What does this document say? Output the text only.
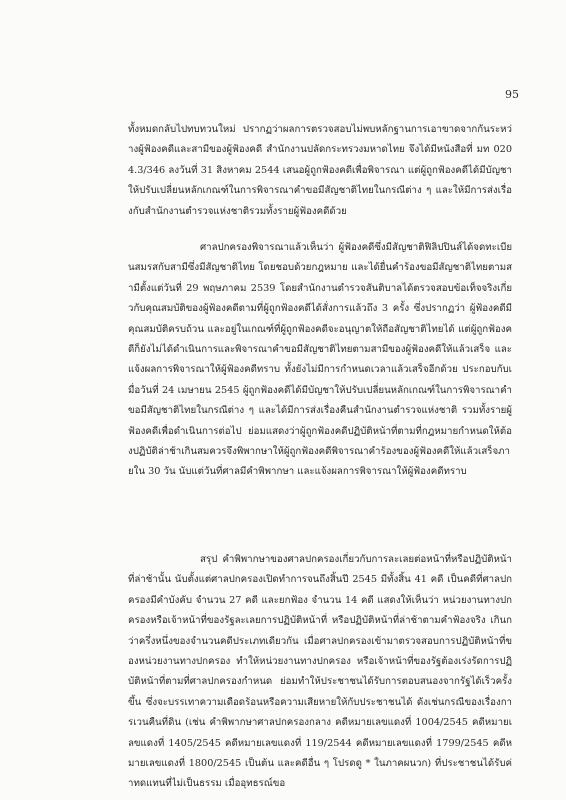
95

ทั้งหมดกลับไปทบทวนใหม่ ปรากฏว่าผลการตรวจสอบไม่พบหลักฐานการเอาขาดจากกันระหว่างผู้ฟ้องคดีและสามีของผู้ฟ้องคดี สำนักงานปลัดกระทรวงมหาดไทย จึงได้มีหนังสือที่ มท 0204.3/346 ลงวันที่ 31 สิงหาคม 2544 เสนอผู้ถูกฟ้องคดีเพื่อพิจารณา แต่ผู้ถูกฟ้องคดีได้มีบัญชาให้ปรับเปลี่ยนหลักเกณฑ์ในการพิจารณาคำขอมีสัญชาติไทยในกรณีต่าง ๆ และให้มีการส่งเรื่องกับสำนักงานตำรวจแห่งชาติรวมทั้งรายผู้ฟ้องคดีด้วย

ศาลปกครองพิจารณาแล้วเห็นว่า ผู้ฟ้องคดีซึ่งมีสัญชาติฟิลิปปินส์ได้จดทะเบียนสมรสกับสามีซึ่งมีสัญชาติไทย โดยชอบด้วยกฎหมาย และได้ยื่นคำร้องขอมีสัญชาติไทยตามสามีตั้งแต่วันที่ 29 พฤษภาคม 2539 โดยสำนักงานตำรวจสันติบาลได้ตรวจสอบข้อเท็จจริงเกี่ยวกับคุณสมบัติของผู้ฟ้องคดีตามที่ผู้ถูกฟ้องคดีได้สั่งการแล้วถึง 3 ครั้ง ซึ่งปรากฏว่า ผู้ฟ้องคดีมีคุณสมบัติครบถ้วน และอยู่ในเกณฑ์ที่ผู้ถูกฟ้องคดีจะอนุญาตให้ถือสัญชาติไทยได้ แต่ผู้ถูกฟ้องคดีก็ยังไม่ได้ดำเนินการและพิจารณาคำขอมีสัญชาติไทยตามสามีของผู้ฟ้องคดีให้แล้วเสร็จ และแจ้งผลการพิจารณาให้ผู้ฟ้องคดีทราบ ทั้งยังไม่มีการกำหนดเวลาแล้วเสร็จอีกด้วย ประกอบกับเมื่อวันที่ 24 เมษายน 2545 ผู้ถูกฟ้องคดีได้มีบัญชาให้ปรับเปลี่ยนหลักเกณฑ์ในการพิจารณาคำขอมีสัญชาติไทยในกรณีต่าง ๆ และได้มีการส่งเรื่องคืนสำนักงานตำรวจแห่งชาติ รวมทั้งรายผู้ฟ้องคดีเพื่อดำเนินการต่อไป ย่อมแสดงว่าผู้ถูกฟ้องคดีปฏิบัติหน้าที่ตามที่กฎหมายกำหนดให้ต้องปฏิบัติล่าช้าเกินสมควรจึงพิพากษาให้ผู้ถูกฟ้องคดีพิจารณาคำร้องของผู้ฟ้องคดีให้แล้วเสร็จภายใน 30 วัน นับแต่วันที่ศาลมีคำพิพากษา และแจ้งผลการพิจารณาให้ผู้ฟ้องคดีทราบ

สรุป คำพิพากษาของศาลปกครองเกี่ยวกับการละเลยต่อหน้าที่หรือปฏิบัติหน้าที่ล่าช้านั้น นับตั้งแต่ศาลปกครองเปิดทำการจนถึงสิ้นปี 2545 มีทั้งสิ้น 41 คดี เป็นคดีที่ศาลปกครองมีคำบังคับ จำนวน 27 คดี และยกฟ้อง จำนวน 14 คดี แสดงให้เห็นว่า หน่วยงานทางปกครองหรือเจ้าหน้าที่ของรัฐละเลยการปฏิบัติหน้าที่ หรือปฏิบัติหน้าที่ล่าช้าตามคำฟ้องจริง เกินกว่าครึ่งหนึ่งของจำนวนคดีประเภทเดียวกัน เมื่อศาลปกครองเข้ามาตรวจสอบการปฏิบัติหน้าที่ของหน่วยงานทางปกครอง ทำให้หน่วยงานทางปกครอง หรือเจ้าหน้าที่ของรัฐต้องเร่งรัดการปฏิบัติหน้าที่ตามที่ศาลปกครองกำหนด ย่อมทำให้ประชาชนได้รับการตอบสนองจากรัฐได้เร็วครั้งขึ้น ซึ่งจะบรรเทาความเดือดร้อนหรือความเสียหายให้กับประชาชนได้ ดังเช่นกรณีของเรื่องการเวนคืนที่ดิน (เช่น คำพิพากษาศาลปกครองกลาง คดีหมายเลขแดงที่ 1004/2545 คดีหมายเลขแดงที่ 1405/2545 คดีหมายเลขแดงที่ 119/2544 คดีหมายเลขแดงที่ 1799/2545 คดีหมายเลขแดงที่ 1800/2545 เป็นต้น และคดีอื่น ๆ โปรดดู * ในภาคผนวก) ที่ประชาชนได้รับค่าทดแทนที่ไม่เป็นธรรม เมื่ออุทธรณ์ขอ
